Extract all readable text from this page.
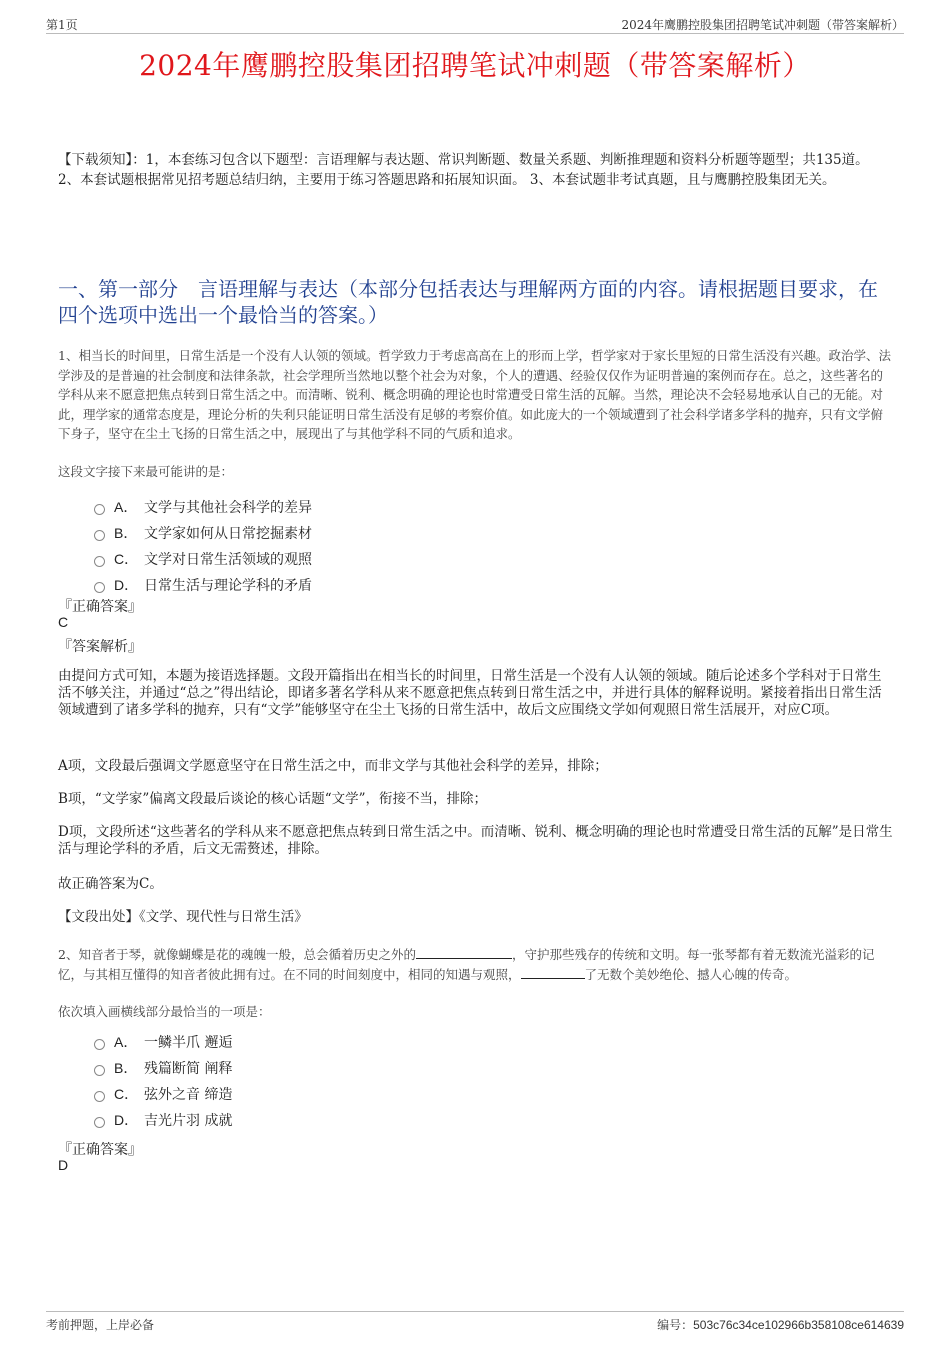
第1页	2024年鹰鹏控股集团招聘笔试冲刺题（带答案解析）
2024年鹰鹏控股集团招聘笔试冲刺题（带答案解析）
【下载须知】：1，本套练习包含以下题型：言语理解与表达题、常识判断题、数量关系题、判断推理题和资料分析题等题型；共135道。 2、本套试题根据常见招考题总结归纳，主要用于练习答题思路和拓展知识面。 3、本套试题非考试真题，且与鹰鹏控股集团无关。
一、第一部分　言语理解与表达（本部分包括表达与理解两方面的内容。请根据题目要求，在四个选项中选出一个最恰当的答案。）
1、相当长的时间里，日常生活是一个没有人认领的领域。哲学致力于考虑高高在上的形而上学，哲学家对于家长里短的日常生活没有兴趣。政治学、法学涉及的是普遍的社会制度和法律条款，社会学理所当然地以整个社会为对象，个人的遭遇、经验仅仅作为证明普遍的案例而存在。总之，这些著名的学科从来不愿意把焦点转到日常生活之中。而清晰、锐利、概念明确的理论也时常遭受日常生活的瓦解。当然，理论决不会轻易地承认自己的无能。对此，理学家的通常态度是，理论分析的失利只能证明日常生活没有足够的考察价值。如此庞大的一个领域遭到了社会科学诸多学科的抛弃，只有文学俯下身子，坚守在尘土飞扬的日常生活之中，展现出了与其他学科不同的气质和追求。
这段文字接下来最可能讲的是：
A． 文学与其他社会科学的差异
B． 文学家如何从日常挖掘素材
C． 文学对日常生活领域的观照
D． 日常生活与理论学科的矛盾
『正确答案』
C
『答案解析』
由提问方式可知，本题为接语选择题。文段开篇指出在相当长的时间里，日常生活是一个没有人认领的领域。随后论述多个学科对于日常生活不够关注，并通过“总之”得出结论，即诸多著名学科从来不愿意把焦点转到日常生活之中，并进行具体的解释说明。紧接着指出日常生活领域遭到了诸多学科的抛弃，只有“文学”能够坚守在尘土飞扬的日常生活中，故后文应围绕文学如何观照日常生活展开，对应C项。
A项，文段最后强调文学愿意坚守在日常生活之中，而非文学与其他社会科学的差异，排除；
B项，“文学家”偏离文段最后谈论的核心话题“文学”，衔接不当，排除；
D项，文段所述“这些著名的学科从来不愿意把焦点转到日常生活之中。而清晰、锐利、概念明确的理论也时常遭受日常生活的瓦解”是日常生活与理论学科的矛盾，后文无需赘述，排除。
故正确答案为C。
【文段出处】《文学、现代性与日常生活》
2、知音者于琴，就像蝴蝶是花的魂魄一般，总会循着历史之外的	，守护那些残存的传统和文明。每一张琴都有着无数流光溢彩的记忆，与其相互懂得的知音者彼此拥有过。在不同的时间刻度中，相同的知遇与观照，	了无数个美妙绝伦、撼人心魄的传奇。
依次填入画横线部分最恰当的一项是：
A． 一鳞半爪 邂逅
B． 残篇断简 阐释
C． 弦外之音 缔造
D． 吉光片羽 成就
『正确答案』
D
考前押题，上岸必备	编号：503c76c34ce102966b358108ce614639
